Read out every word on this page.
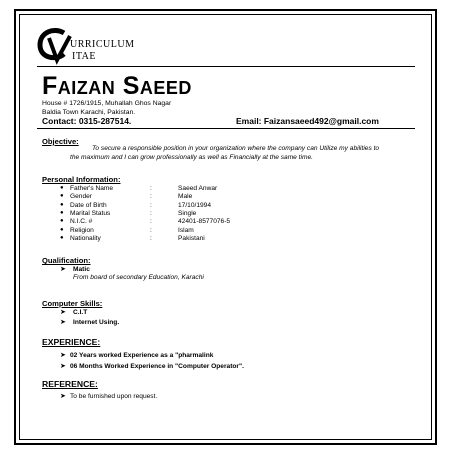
URRICULUM
ITAE
Faizan Saeed
House # 1726/1915, Muhallah Ghos Nagar
Baldia Town Karachi, Pakistan.
Contact: 0315-287514.	Email: Faizansaeed492@gmail.com
Objective:
To secure a responsible position in your organization where the company can Utilize my abilities to the maximum and I can grow professionally as well as Financially at the same time.
Personal Information:
● Father's Name	:	Saeed Anwar
● Gender	:	Male
● Date of Birth	:	17/10/1994
● Marital Status	:	Single
● N.I.C. #	:	42401-8577076-5
● Religion	:	Islam
● Nationality	:	Pakistani
Qualification:
➤ Matic
From board of secondary Education, Karachi
Computer Skills:
➤ C.I.T
➤ Internet Using.
EXPERIENCE:
➤ 02 Years worked Experience as a "pharmalink
➤ 06 Months Worked Experience in "Computer Operator".
REFERENCE:
➤ To be furnished upon request.
